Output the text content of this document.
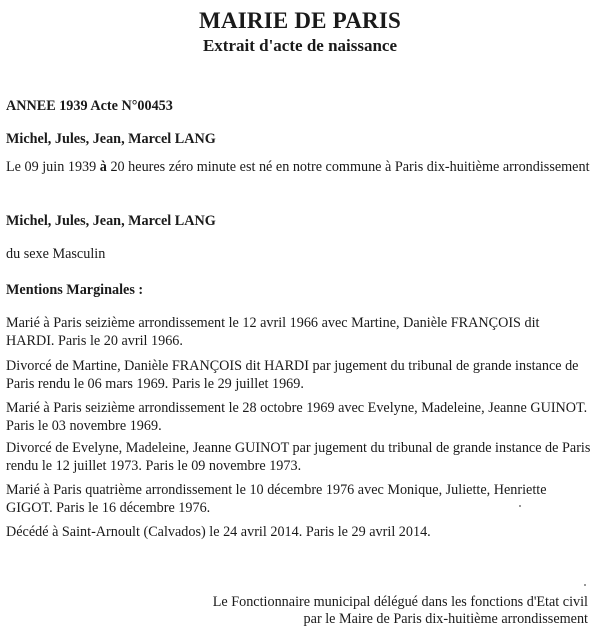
MAIRIE DE PARIS
Extrait d'acte de naissance

ANNEE 1939 Acte N°00453

Michel, Jules, Jean, Marcel LANG

Le 09 juin 1939 à 20 heures zéro minute est né en notre commune à Paris dix-huitième arrondissement

Michel, Jules, Jean, Marcel LANG

du sexe Masculin

Mentions Marginales :

Marié à Paris seizième arrondissement le 12 avril 1966 avec Martine, Danièle FRANÇOIS dit HARDI. Paris le 20 avril 1966.

Divorcé de Martine, Danièle FRANÇOIS dit HARDI par jugement du tribunal de grande instance de Paris rendu le 06 mars 1969. Paris le 29 juillet 1969.

Marié à Paris seizième arrondissement le 28 octobre 1969 avec Evelyne, Madeleine, Jeanne GUINOT. Paris le 03 novembre 1969.

Divorcé de Evelyne, Madeleine, Jeanne GUINOT par jugement du tribunal de grande instance de Paris rendu le 12 juillet 1973. Paris le 09 novembre 1973.

Marié à Paris quatrième arrondissement le 10 décembre 1976 avec Monique, Juliette, Henriette GIGOT. Paris le 16 décembre 1976.

Décédé à Saint-Arnoult (Calvados) le 24 avril 2014. Paris le 29 avril 2014.

Le Fonctionnaire municipal délégué dans les fonctions d'Etat civil

par le Maire de Paris dix-huitième arrondissement
